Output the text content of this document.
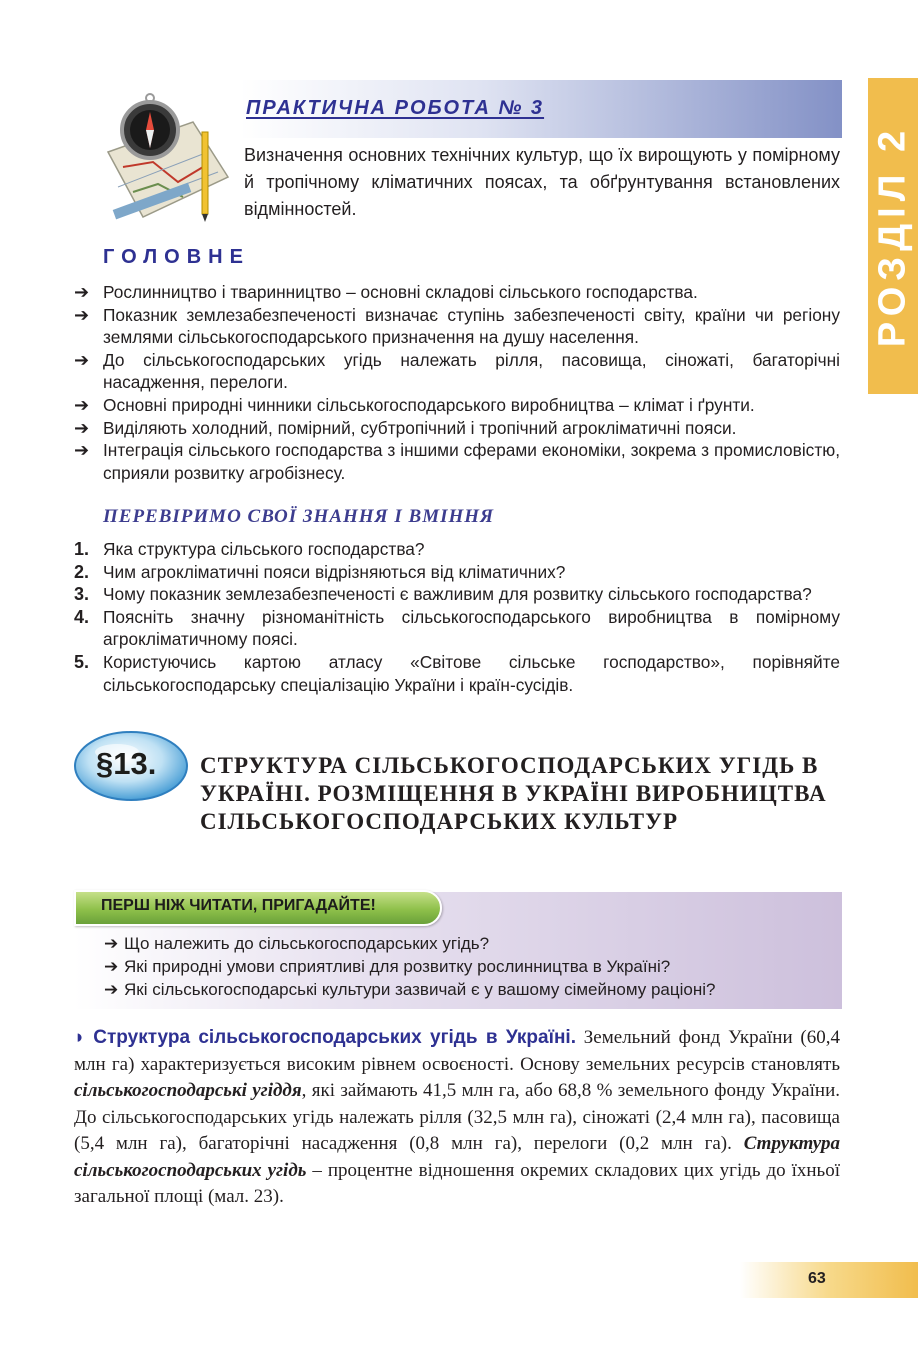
РОЗДІЛ 2
ПРАКТИЧНА РОБОТА № 3
Визначення основних технічних культур, що їх вирощують у помірному й тропічному кліматичних поясах, та обґрунтування встановлених відмінностей.
ГОЛОВНЕ
➔ Рослинництво і тваринництво – основні складові сільського господарства.
➔ Показник землезабезпеченості визначає ступінь забезпеченості світу, країни чи регіону землями сільськогосподарського призначення на душу населення.
➔ До сільськогосподарських угідь належать рілля, пасовища, сіножаті, багаторічні насадження, перелоги.
➔ Основні природні чинники сільськогосподарського виробництва – клімат і ґрунти.
➔ Виділяють холодний, помірний, субтропічний і тропічний агрокліматичні пояси.
➔ Інтеграція сільського господарства з іншими сферами економіки, зокрема з промисловістю, сприяли розвитку агробізнесу.
ПЕРЕВІРИМО СВОЇ ЗНАННЯ І ВМІННЯ
1. Яка структура сільського господарства?
2. Чим агрокліматичні пояси відрізняються від кліматичних?
3. Чому показник землезабезпеченості є важливим для розвитку сільського господарства?
4. Поясніть значну різноманітність сільськогосподарського виробництва в помірному агрокліматичному поясі.
5. Користуючись картою атласу «Світове сільське господарство», порівняйте сільськогосподарську спеціалізацію України і країн-сусідів.
§13. СТРУКТУРА СІЛЬСЬКОГОСПОДАРСЬКИХ УГІДЬ В УКРАЇНІ. РОЗМІЩЕННЯ В УКРАЇНІ ВИРОБНИЦТВА СІЛЬСЬКОГОСПОДАРСЬКИХ КУЛЬТУР
ПЕРШ НІЖ ЧИТАТИ, ПРИГАДАЙТЕ!
➔ Що належить до сільськогосподарських угідь?
➔ Які природні умови сприятливі для розвитку рослинництва в Україні?
➔ Які сільськогосподарські культури зазвичай є у вашому сімейному раціоні?
◗ Структура сільськогосподарських угідь в Україні. Земельний фонд України (60,4 млн га) характеризується високим рівнем освоєності. Основу земельних ресурсів становлять сільськогосподарські угіддя, які займають 41,5 млн га, або 68,8 % земельного фонду України. До сільськогосподарських угідь належать рілля (32,5 млн га), сіножаті (2,4 млн га), пасовища (5,4 млн га), багаторічні насадження (0,8 млн га), перелоги (0,2 млн га). Структура сільськогосподарських угідь – процентне відношення окремих складових цих угідь до їхньої загальної площі (мал. 23).
63
